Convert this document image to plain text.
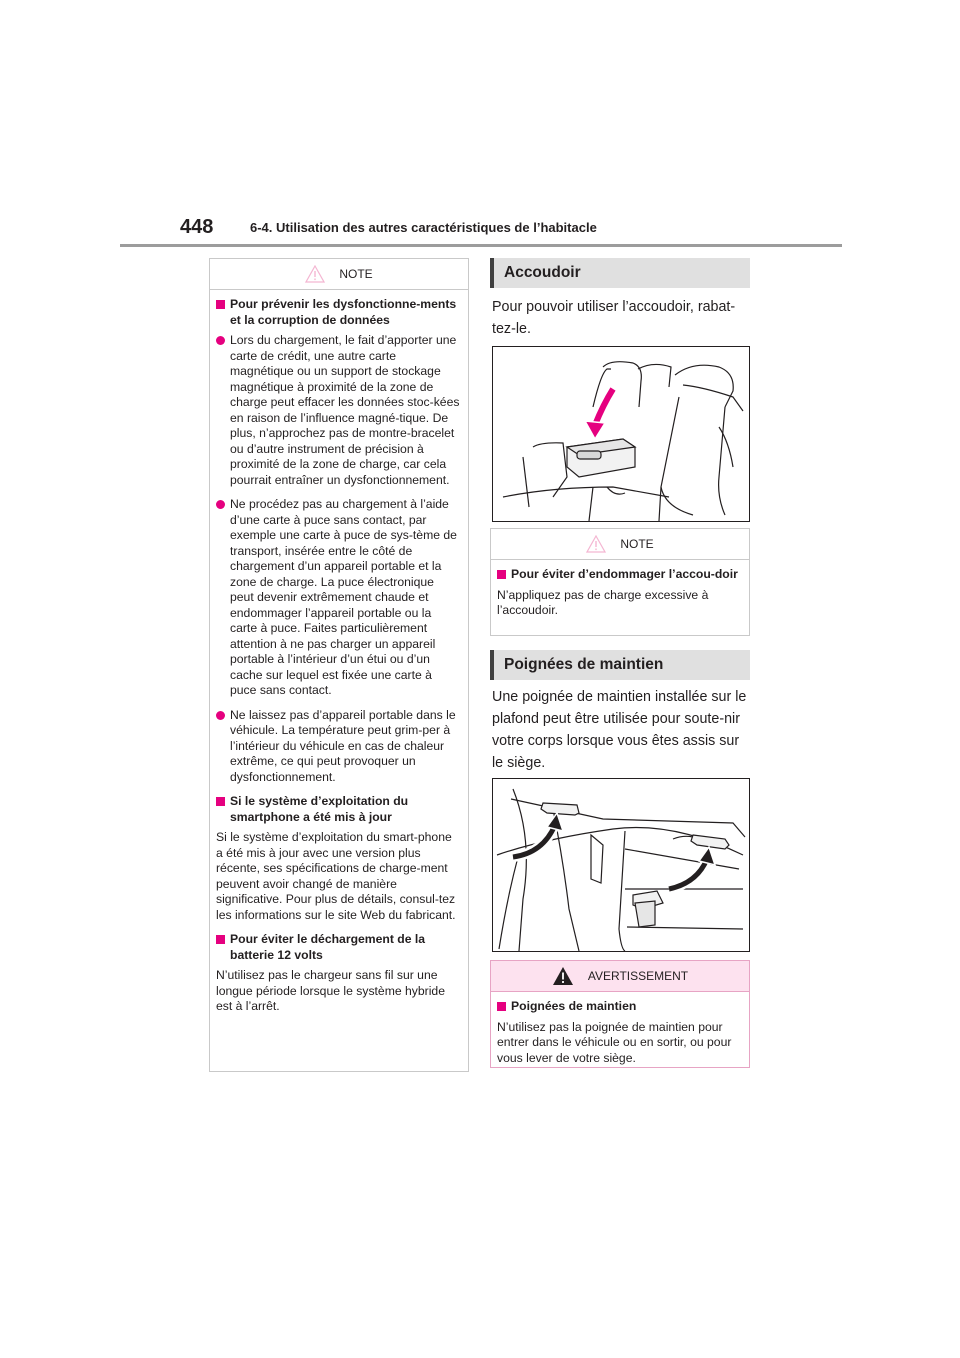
448	6-4. Utilisation des autres caractéristiques de l’habitacle
NOTE
Pour prévenir les dysfonctionne-ments et la corruption de données
Lors du chargement, le fait d’apporter une carte de crédit, une autre carte magnétique ou un support de stockage magnétique à proximité de la zone de charge peut effacer les données stoc-kées en raison de l’influence magné-tique. De plus, n’approchez pas de montre-bracelet ou d’autre instrument de précision à proximité de la zone de charge, car cela pourrait entraîner un dysfonctionnement.
Ne procédez pas au chargement à l’aide d’une carte à puce sans contact, par exemple une carte à puce de sys-tème de transport, insérée entre le côté de chargement d’un appareil portable et la zone de charge. La puce électronique peut devenir extrêmement chaude et endommager l’appareil portable ou la carte à puce. Faites particulièrement attention à ne pas charger un appareil portable à l’intérieur d’un étui ou d’un cache sur lequel est fixée une carte à puce sans contact.
Ne laissez pas d’appareil portable dans le véhicule. La température peut grim-per à l’intérieur du véhicule en cas de chaleur extrême, ce qui peut provoquer un dysfonctionnement.
Si le système d’exploitation du smartphone a été mis à jour
Si le système d’exploitation du smart-phone a été mis à jour avec une version plus récente, ses spécifications de charge-ment peuvent avoir changé de manière significative. Pour plus de détails, consul-tez les informations sur le site Web du fabricant.
Pour éviter le déchargement de la batterie 12 volts
N’utilisez pas le chargeur sans fil sur une longue période lorsque le système hybride est à l’arrêt.
Accoudoir
Pour pouvoir utiliser l’accoudoir, rabat-tez-le.
NOTE
Pour éviter d’endommager l’accou-doir
N’appliquez pas de charge excessive à l’accoudoir.
Poignées de maintien
Une poignée de maintien installée sur le plafond peut être utilisée pour soute-nir votre corps lorsque vous êtes assis sur le siège.
AVERTISSEMENT
Poignées de maintien
N’utilisez pas la poignée de maintien pour entrer dans le véhicule ou en sortir, ou pour vous lever de votre siège.
